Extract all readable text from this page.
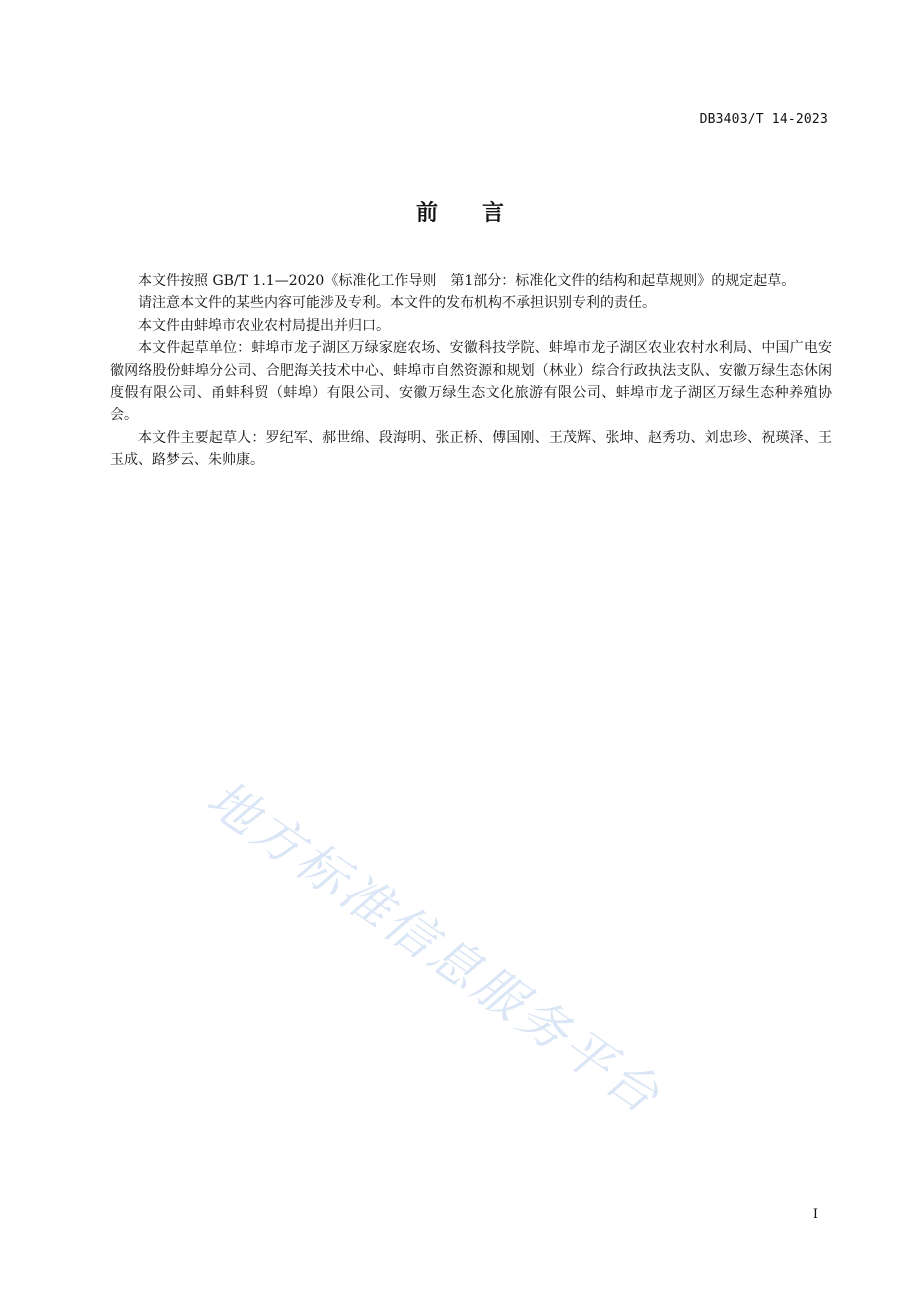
DB3403/T 14-2023
前言

本文件按照 GB/T 1.1—2020《标准化工作导则　第1部分：标准化文件的结构和起草规则》的规定起草。

请注意本文件的某些内容可能涉及专利。本文件的发布机构不承担识别专利的责任。

本文件由蚌埠市农业农村局提出并归口。

本文件起草单位：蚌埠市龙子湖区万绿家庭农场、安徽科技学院、蚌埠市龙子湖区农业农村水利局、中国广电安徽网络股份蚌埠分公司、合肥海关技术中心、蚌埠市自然资源和规划（林业）综合行政执法支队、安徽万绿生态休闲度假有限公司、甬蚌科贸（蚌埠）有限公司、安徽万绿生态文化旅游有限公司、蚌埠市龙子湖区万绿生态种养殖协会。

本文件主要起草人：罗纪军、郝世绵、段海明、张正桥、傅国刚、王茂辉、张坤、赵秀功、刘忠珍、祝瑛泽、王玉成、路梦云、朱帅康。

地方标准信息服务平台
I
